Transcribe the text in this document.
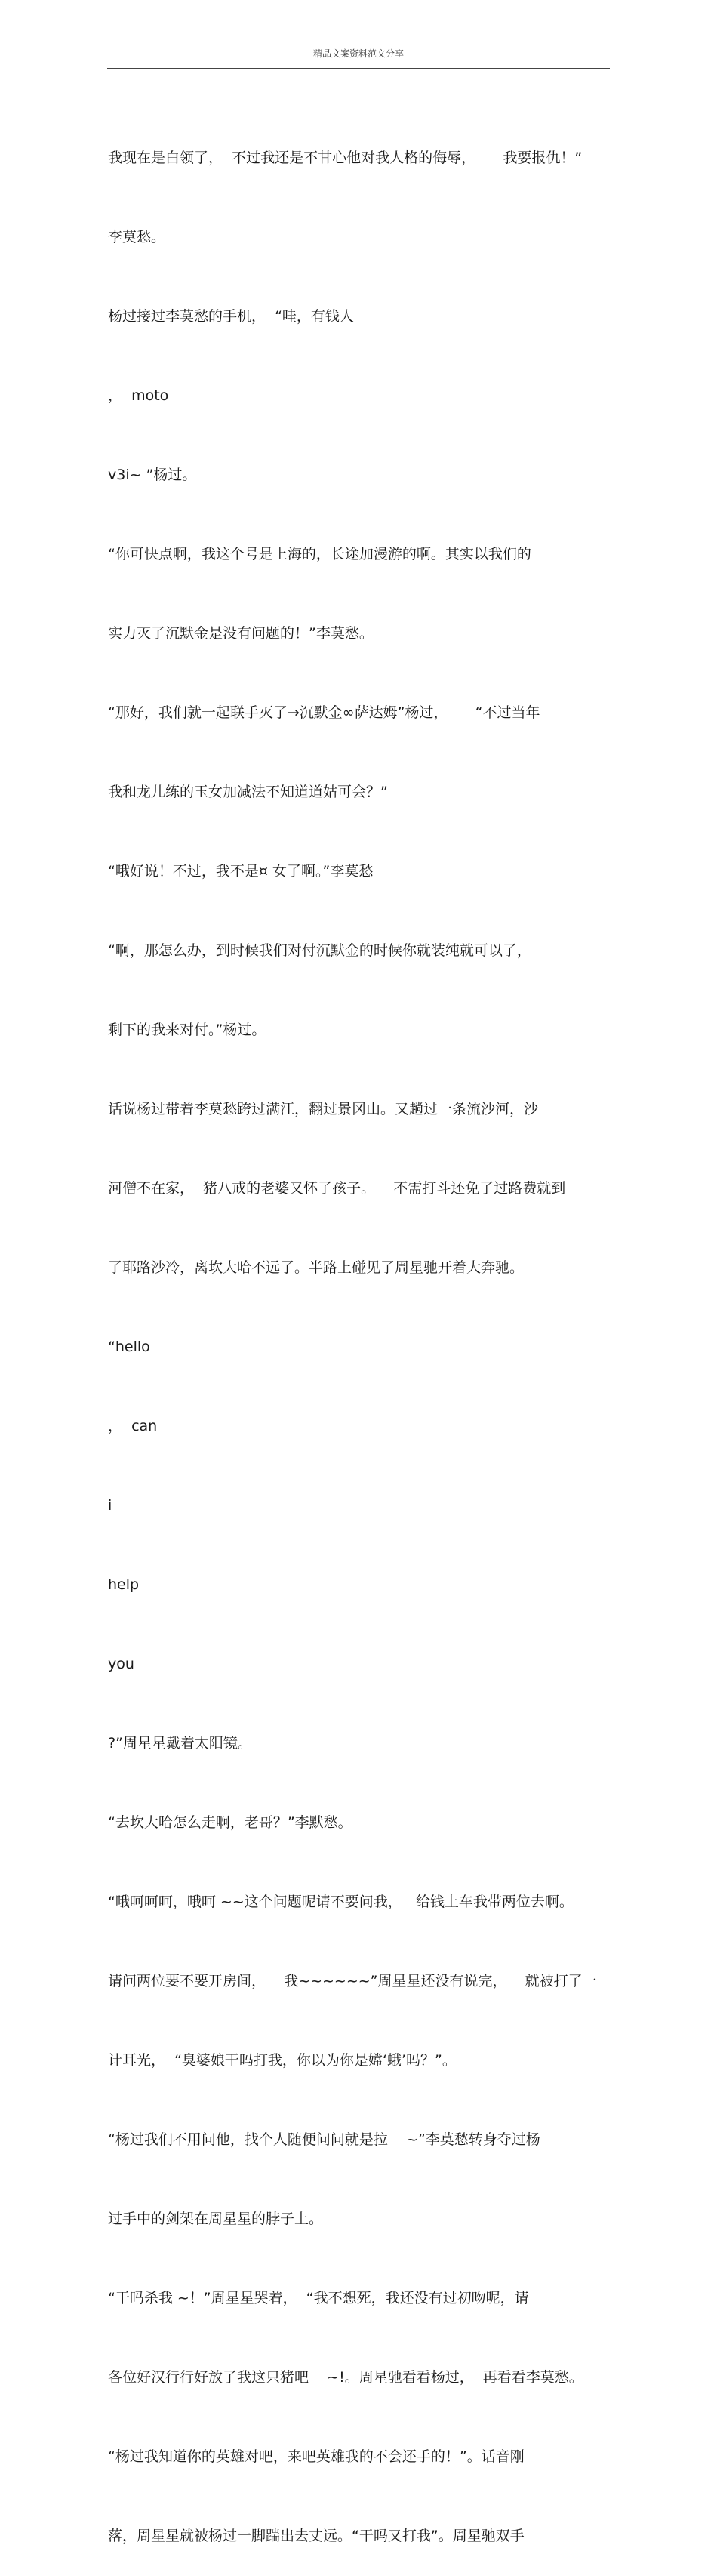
精品文案资料范文分享

我现在是白领了，  不过我还是不甘心他对我人格的侮辱，      我要报仇！”

李莫愁。

杨过接过李莫愁的手机，  “哇，有钱人

，  moto

v3i~ ”杨过。

“你可快点啊，我这个号是上海的，长途加漫游的啊。其实以我们的

实力灭了沉默金是没有问题的！”李莫愁。

“那好，我们就一起联手灭了→沉默金∞萨达姆”杨过，      “不过当年

我和龙儿练的玉女加减法不知道道姑可会？”

“哦好说！不过，我不是¤ 女了啊。”李莫愁

“啊，那怎么办，到时候我们对付沉默金的时候你就装纯就可以了，

剩下的我来对付。”杨过。

话说杨过带着李莫愁跨过满江，翻过景冈山。又趟过一条流沙河，沙

河僧不在家，  猪八戒的老婆又怀了孩子。    不需打斗还免了过路费就到

了耶路沙冷，离坎大哈不远了。半路上碰见了周星驰开着大奔驰。

“hello

，  can

i

help

you

?”周星星戴着太阳镜。

“去坎大哈怎么走啊，老哥？”李默愁。

“哦呵呵呵，哦呵 ~~这个问题呢请不要问我，   给钱上车我带两位去啊。

请问两位要不要开房间，    我~~~~~~”周星星还没有说完，    就被打了一

计耳光，  “臭婆娘干吗打我，你以为你是嫦‘蛾’吗？”。

“杨过我们不用问他，找个人随便问问就是拉    ~”李莫愁转身夺过杨

过手中的剑架在周星星的脖子上。

“干吗杀我 ~！”周星星哭着，  “我不想死，我还没有过初吻呢，请

各位好汉行行好放了我这只猪吧    ~!。周星驰看看杨过，  再看看李莫愁。

“杨过我知道你的英雄对吧，来吧英雄我的不会还手的！”。话音刚

落，周星星就被杨过一脚踹出去丈远。“干吗又打我”。周星驰双手
